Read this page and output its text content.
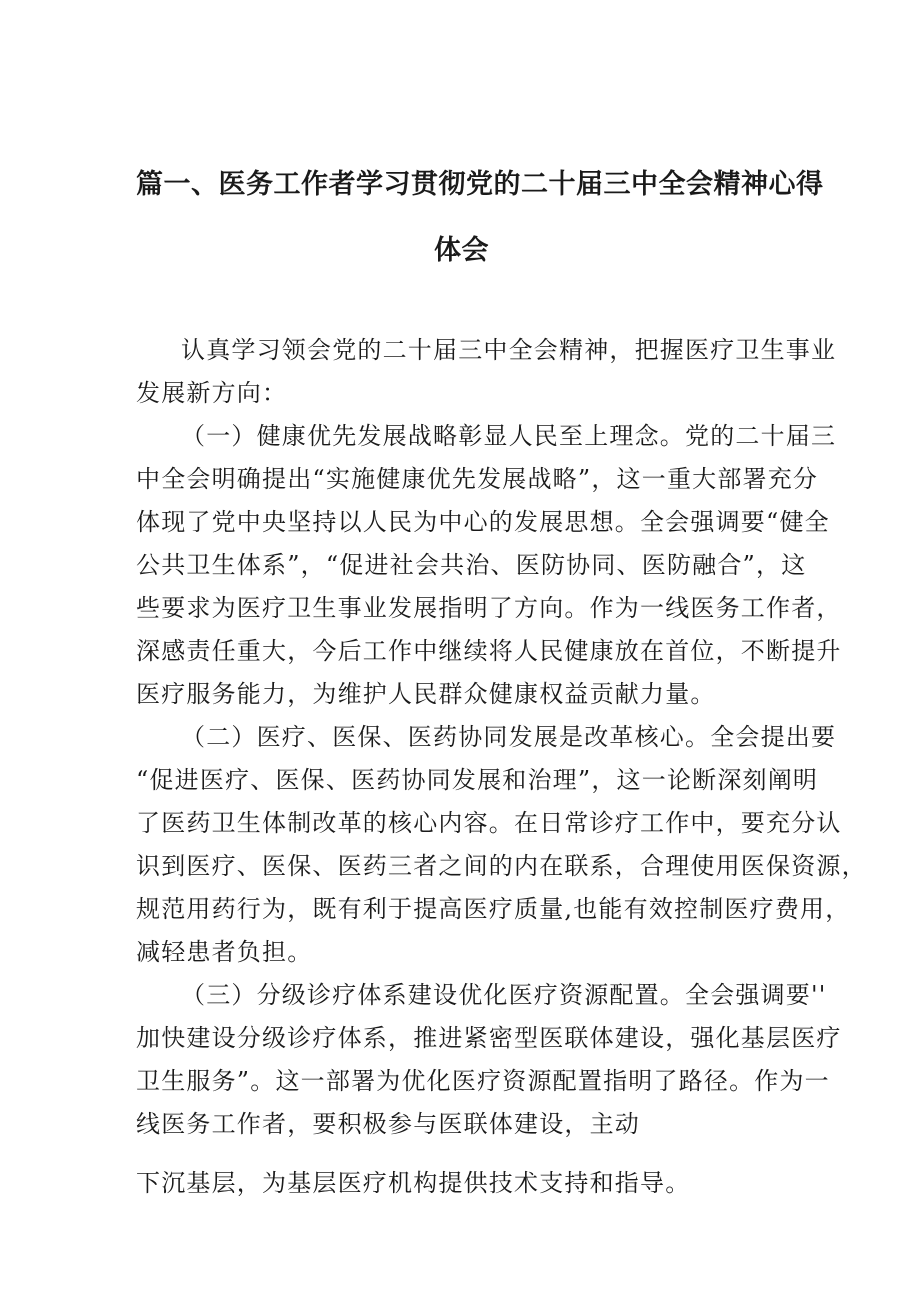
篇一、医务工作者学习贯彻党的二十届三中全会精神心得
体会
认真学习领会党的二十届三中全会精神，把握医疗卫生事业
发展新方向：
（一）健康优先发展战略彰显人民至上理念。党的二十届三
中全会明确提出“实施健康优先发展战略”，这一重大部署充分
体现了党中央坚持以人民为中心的发展思想。全会强调要“健全
公共卫生体系”，“促进社会共治、医防协同、医防融合”，这
些要求为医疗卫生事业发展指明了方向。作为一线医务工作者，
深感责任重大，今后工作中继续将人民健康放在首位，不断提升
医疗服务能力，为维护人民群众健康权益贡献力量。
（二）医疗、医保、医药协同发展是改革核心。全会提出要
“促进医疗、医保、医药协同发展和治理”，这一论断深刻阐明
了医药卫生体制改革的核心内容。在日常诊疗工作中，要充分认
识到医疗、医保、医药三者之间的内在联系，合理使用医保资源，
规范用药行为，既有利于提高医疗质量,也能有效控制医疗费用，
减轻患者负担。
（三）分级诊疗体系建设优化医疗资源配置。全会强调要''
加快建设分级诊疗体系，推进紧密型医联体建设，强化基层医疗
卫生服务”。这一部署为优化医疗资源配置指明了路径。作为一
线医务工作者，要积极参与医联体建设，主动
下沉基层，为基层医疗机构提供技术支持和指导。
